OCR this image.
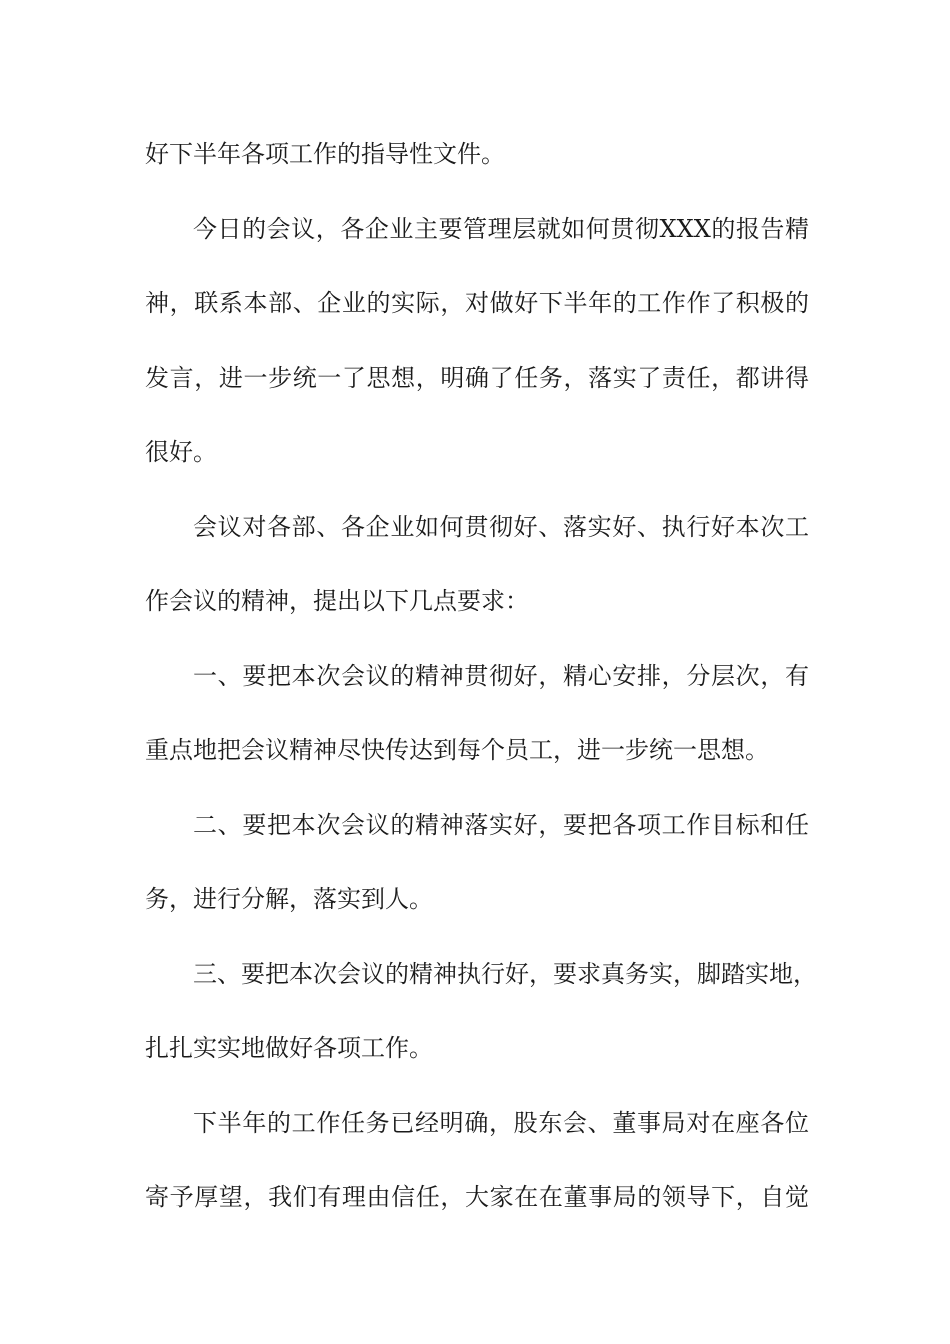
好下半年各项工作的指导性文件。
今日的会议，各企业主要管理层就如何贯彻XXX的报告精
神，联系本部、企业的实际，对做好下半年的工作作了积极的
发言，进一步统一了思想，明确了任务，落实了责任，都讲得
很好。
会议对各部、各企业如何贯彻好、落实好、执行好本次工
作会议的精神，提出以下几点要求：
一、要把本次会议的精神贯彻好，精心安排，分层次，有
重点地把会议精神尽快传达到每个员工，进一步统一思想。
二、要把本次会议的精神落实好，要把各项工作目标和任
务，进行分解，落实到人。
三、要把本次会议的精神执行好，要求真务实，脚踏实地，
扎扎实实地做好各项工作。
下半年的工作任务已经明确，股东会、董事局对在座各位
寄予厚望，我们有理由信任，大家在在董事局的领导下，自觉
